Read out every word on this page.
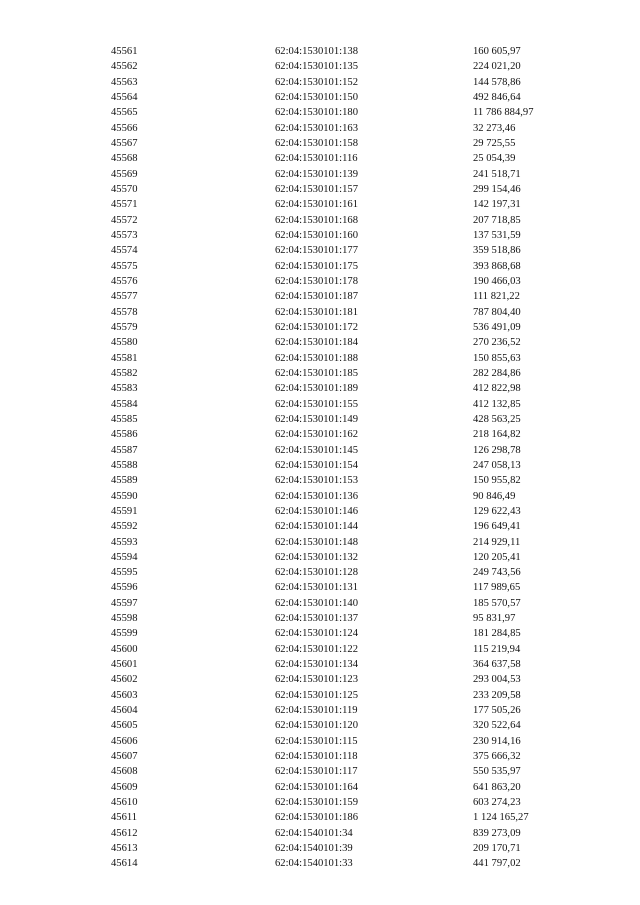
45561	62:04:1530101:138	160 605,97
45562	62:04:1530101:135	224 021,20
45563	62:04:1530101:152	144 578,86
45564	62:04:1530101:150	492 846,64
45565	62:04:1530101:180	11 786 884,97
45566	62:04:1530101:163	32 273,46
45567	62:04:1530101:158	29 725,55
45568	62:04:1530101:116	25 054,39
45569	62:04:1530101:139	241 518,71
45570	62:04:1530101:157	299 154,46
45571	62:04:1530101:161	142 197,31
45572	62:04:1530101:168	207 718,85
45573	62:04:1530101:160	137 531,59
45574	62:04:1530101:177	359 518,86
45575	62:04:1530101:175	393 868,68
45576	62:04:1530101:178	190 466,03
45577	62:04:1530101:187	111 821,22
45578	62:04:1530101:181	787 804,40
45579	62:04:1530101:172	536 491,09
45580	62:04:1530101:184	270 236,52
45581	62:04:1530101:188	150 855,63
45582	62:04:1530101:185	282 284,86
45583	62:04:1530101:189	412 822,98
45584	62:04:1530101:155	412 132,85
45585	62:04:1530101:149	428 563,25
45586	62:04:1530101:162	218 164,82
45587	62:04:1530101:145	126 298,78
45588	62:04:1530101:154	247 058,13
45589	62:04:1530101:153	150 955,82
45590	62:04:1530101:136	90 846,49
45591	62:04:1530101:146	129 622,43
45592	62:04:1530101:144	196 649,41
45593	62:04:1530101:148	214 929,11
45594	62:04:1530101:132	120 205,41
45595	62:04:1530101:128	249 743,56
45596	62:04:1530101:131	117 989,65
45597	62:04:1530101:140	185 570,57
45598	62:04:1530101:137	95 831,97
45599	62:04:1530101:124	181 284,85
45600	62:04:1530101:122	115 219,94
45601	62:04:1530101:134	364 637,58
45602	62:04:1530101:123	293 004,53
45603	62:04:1530101:125	233 209,58
45604	62:04:1530101:119	177 505,26
45605	62:04:1530101:120	320 522,64
45606	62:04:1530101:115	230 914,16
45607	62:04:1530101:118	375 666,32
45608	62:04:1530101:117	550 535,97
45609	62:04:1530101:164	641 863,20
45610	62:04:1530101:159	603 274,23
45611	62:04:1530101:186	1 124 165,27
45612	62:04:1540101:34	839 273,09
45613	62:04:1540101:39	209 170,71
45614	62:04:1540101:33	441 797,02
